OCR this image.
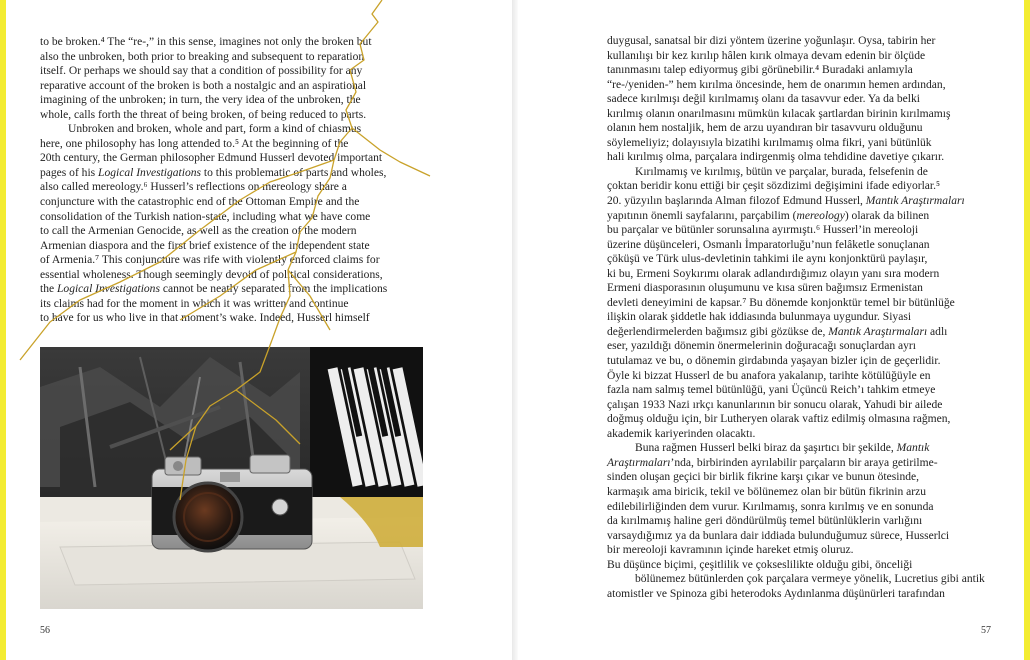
to be broken.⁴ The “re-,” in this sense, imagines not only the broken but
also the unbroken, both prior to breaking and subsequent to reparation
itself. Or perhaps we should say that a condition of possibility for any
reparative account of the broken is both a nostalgic and an aspirational
imagining of the unbroken; in turn, the very idea of the unbroken, the
whole, calls forth the threat of being broken, of being reduced to parts.
Unbroken and broken, whole and part, form a kind of chiasmus
here, one philosophy has long attended to.⁵ At the beginning of the
20th century, the German philosopher Edmund Husserl devoted important
pages of his Logical Investigations to this problematic of parts and wholes,
also called mereology.⁶ Husserl’s reflections on mereology share a
conjuncture with the catastrophic end of the Ottoman Empire and the
consolidation of the Turkish nation-state, including what we have come
to call the Armenian Genocide, as well as the creation of the modern
Armenian diaspora and the first brief existence of the independent state
of Armenia.⁷ This conjuncture was rife with violently enforced claims for
essential wholeness. Though seemingly devoid of political considerations,
the Logical Investigations cannot be neatly separated from the implications
its claims had for the moment in which it was written and continue
to have for us who live in that moment’s wake. Indeed, Husserl himself
56
duygusal, sanatsal bir dizi yöntem üzerine yoğunlaşır. Oysa, tabirin her
kullanılışı bir kez kırılıp hâlen kırık olmaya devam edenin bir ölçüde
tanınmasını talep ediyormuş gibi görünebilir.⁴ Buradaki anlamıyla
“re-/yeniden-” hem kırılma öncesinde, hem de onarımın hemen ardından,
sadece kırılmışı değil kırılmamış olanı da tasavvur eder. Ya da belki
kırılmış olanın onarılmasını mümkün kılacak şartlardan birinin kırılmamış
olanın hem nostaljik, hem de arzu uyandıran bir tasavvuru olduğunu
söylemeliyiz; dolayısıyla bizatihi kırılmamış olma fikri, yani bütünlük
hali kırılmış olma, parçalara indirgenmiş olma tehdidine davetiye çıkarır.
Kırılmamış ve kırılmış, bütün ve parçalar, burada, felsefenin de
çoktan beridir konu ettiği bir çeşit sözdizimi değişimini ifade ediyorlar.⁵
20. yüzyılın başlarında Alman filozof Edmund Husserl, Mantık Araştırmaları
yapıtının önemli sayfalarını, parçabilim (mereology) olarak da bilinen
bu parçalar ve bütünler sorunsalına ayırmıştı.⁶ Husserl’in mereoloji
üzerine düşünceleri, Osmanlı İmparatorluğu’nun felâketle sonuçlanan
çöküşü ve Türk ulus-devletinin tahkimi ile aynı konjonktürü paylaşır,
ki bu, Ermeni Soykırımı olarak adlandırdığımız olayın yanı sıra modern
Ermeni diasporasının oluşumunu ve kısa süren bağımsız Ermenistan
devleti deneyimini de kapsar.⁷ Bu dönemde konjonktür temel bir bütünlüğe
ilişkin olarak şiddetle hak iddiasında bulunmaya uygundur. Siyasi
değerlendirmelerden bağımsız gibi gözükse de, Mantık Araştırmaları adlı
eser, yazıldığı dönemin önermelerinin doğuracağı sonuçlardan ayrı
tutulamaz ve bu, o dönemin girdabında yaşayan bizler için de geçerlidir.
Öyle ki bizzat Husserl de bu anafora yakalanıp, tarihte kötülüğüyle en
fazla nam salmış temel bütünlüğü, yani Üçüncü Reich’ı tahkim etmeye
çalışan 1933 Nazi ırkçı kanunlarının bir sonucu olarak, Yahudi bir ailede
doğmuş olduğu için, bir Lutheryen olarak vaftiz edilmiş olmasına rağmen,
akademik kariyerinden olacaktı.
Buna rağmen Husserl belki biraz da şaşırtıcı bir şekilde, Mantık
Araştırmaları’nda, birbirinden ayrılabilir parçaların bir araya getirilme-
sinden oluşan geçici bir birlik fikrine karşı çıkar ve bunun ötesinde,
karmaşık ama biricik, tekil ve bölünemez olan bir bütün fikrinin arzu
edilebilirliğinden dem vurur. Kırılmamış, sonra kırılmış ve en sonunda
da kırılmamış haline geri döndürülmüş temel bütünlüklerin varlığını
varsaydığımız ya da bunlara dair iddiada bulunduğumuz sürece, Husserlci
bir mereoloji kavramının içinde hareket etmiş oluruz.
Bu düşünce biçimi, çeşitlilik ve çokseslilikte olduğu gibi, önceliği
bölünemez bütünlerden çok parçalara vermeye yönelik, Lucretius gibi antik
atomistler ve Spinoza gibi heterodoks Aydınlanma düşünürleri tarafından
57
